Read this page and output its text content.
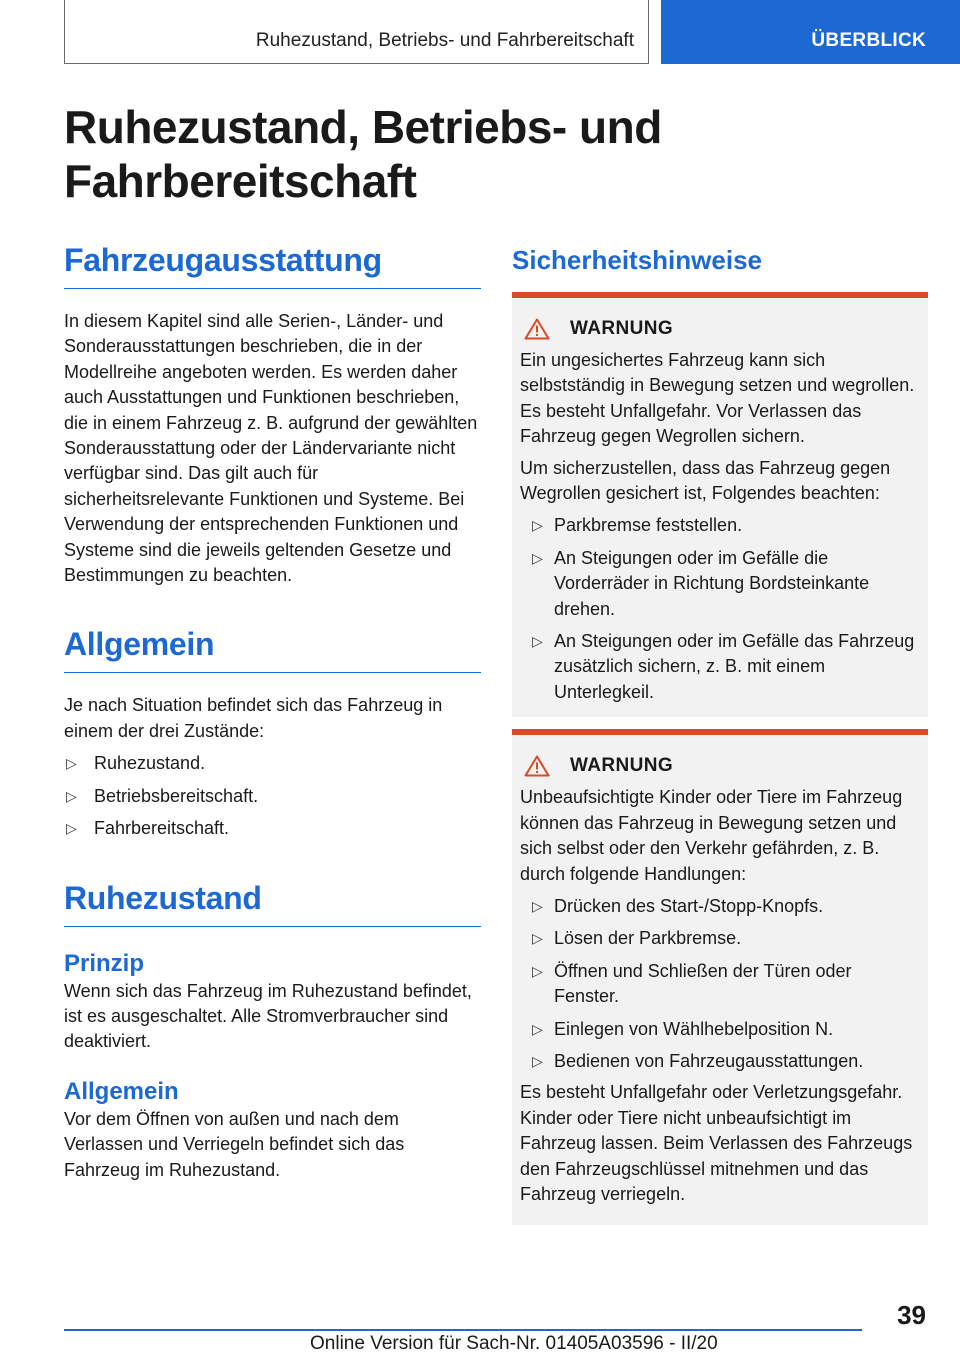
Ruhezustand, Betriebs- und Fahrbereitschaft	ÜBERBLICK
Ruhezustand, Betriebs- und Fahrbereitschaft
Fahrzeugausstattung

In diesem Kapitel sind alle Serien-, Länder- und Sonderausstattungen beschrieben, die in der Modellreihe angeboten werden. Es werden daher auch Ausstattungen und Funktionen beschrieben, die in einem Fahrzeug z. B. aufgrund der gewählten Sonderausstattung oder der Ländervariante nicht verfügbar sind. Das gilt auch für sicherheitsrelevante Funktionen und Systeme. Bei Verwendung der entsprechenden Funktionen und Systeme sind die jeweils geltenden Gesetze und Bestimmungen zu beachten.

Allgemein

Je nach Situation befindet sich das Fahrzeug in einem der drei Zustände:

▷ Ruhezustand.
▷ Betriebsbereitschaft.
▷ Fahrbereitschaft.
Ruhezustand
Prinzip

Wenn sich das Fahrzeug im Ruhezustand befindet, ist es ausgeschaltet. Alle Stromverbraucher sind deaktiviert.

Allgemein

Vor dem Öffnen von außen und nach dem Verlassen und Verriegeln befindet sich das Fahrzeug im Ruhezustand.

Sicherheitshinweise
WARNUNG

Ein ungesichertes Fahrzeug kann sich selbstständig in Bewegung setzen und wegrollen. Es besteht Unfallgefahr. Vor Verlassen das Fahrzeug gegen Wegrollen sichern.

Um sicherzustellen, dass das Fahrzeug gegen Wegrollen gesichert ist, Folgendes beachten:

▷ Parkbremse feststellen.
▷ An Steigungen oder im Gefälle die Vorderräder in Richtung Bordsteinkante drehen.
▷ An Steigungen oder im Gefälle das Fahrzeug zusätzlich sichern, z. B. mit einem Unterlegkeil.
WARNUNG

Unbeaufsichtigte Kinder oder Tiere im Fahrzeug können das Fahrzeug in Bewegung setzen und sich selbst oder den Verkehr gefährden, z. B. durch folgende Handlungen:

▷ Drücken des Start-/Stopp-Knopfs.
▷ Lösen der Parkbremse.
▷ Öffnen und Schließen der Türen oder Fenster.
▷ Einlegen von Wählhebelposition N.
▷ Bedienen von Fahrzeugausstattungen.

Es besteht Unfallgefahr oder Verletzungsgefahr. Kinder oder Tiere nicht unbeaufsichtigt im Fahrzeug lassen. Beim Verlassen des Fahrzeugs den Fahrzeugschlüssel mitnehmen und das Fahrzeug verriegeln.

39
Online Version für Sach-Nr. 01405A03596 - II/20
